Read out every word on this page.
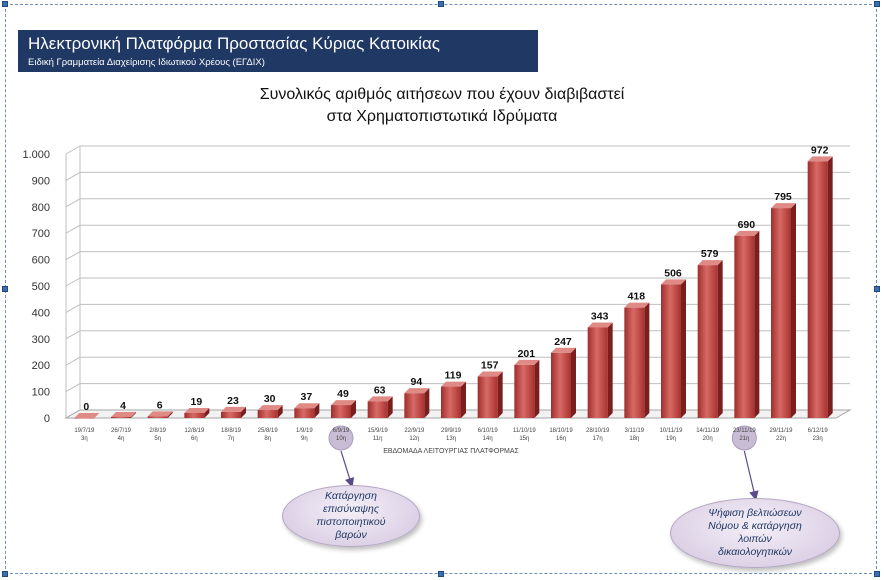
Ηλεκτρονική Πλατφόρμα Προστασίας Κύριας Κατοικίας
Ειδική Γραμματεία Διαχείρισης Ιδιωτικού Χρέους (ΕΓΔΙΧ)
Συνολικός αριθμός αιτήσεων που έχουν διαβιβαστεί
στα Χρηματοπιστωτικά Ιδρύματα
0
100
200
300
400
500
600
700
800
900
1.000
0
19/7/19
3η
4
26/7/19
4η
6
2/8/19
5η
19
12/8/19
6η
23
18/8/19
7η
30
25/8/19
8η
37
1/9/19
9η
49
6/9/19
10η
63
15/9/19
11η
94
22/9/19
12η
119
29/9/19
13η
157
6/10/19
14η
201
11/10/19
15η
247
18/10/19
16η
343
28/10/19
17η
418
3/11/19
18η
506
10/11/19
19η
579
14/11/19
20η
690
23/11/19
21η
795
29/11/19
22η
972
6/12/19
23η
ΕΒΔΟΜΑΔΑ ΛΕΙΤΟΥΡΓΙΑΣ ΠΛΑΤΦΟΡΜΑΣ
Κατάργηση
επισύναψης
πιστοποιητικού
βαρών
Ψήφιση βελτιώσεων
Νόμου & κατάργηση
λοιπών
δικαιολογητικών
